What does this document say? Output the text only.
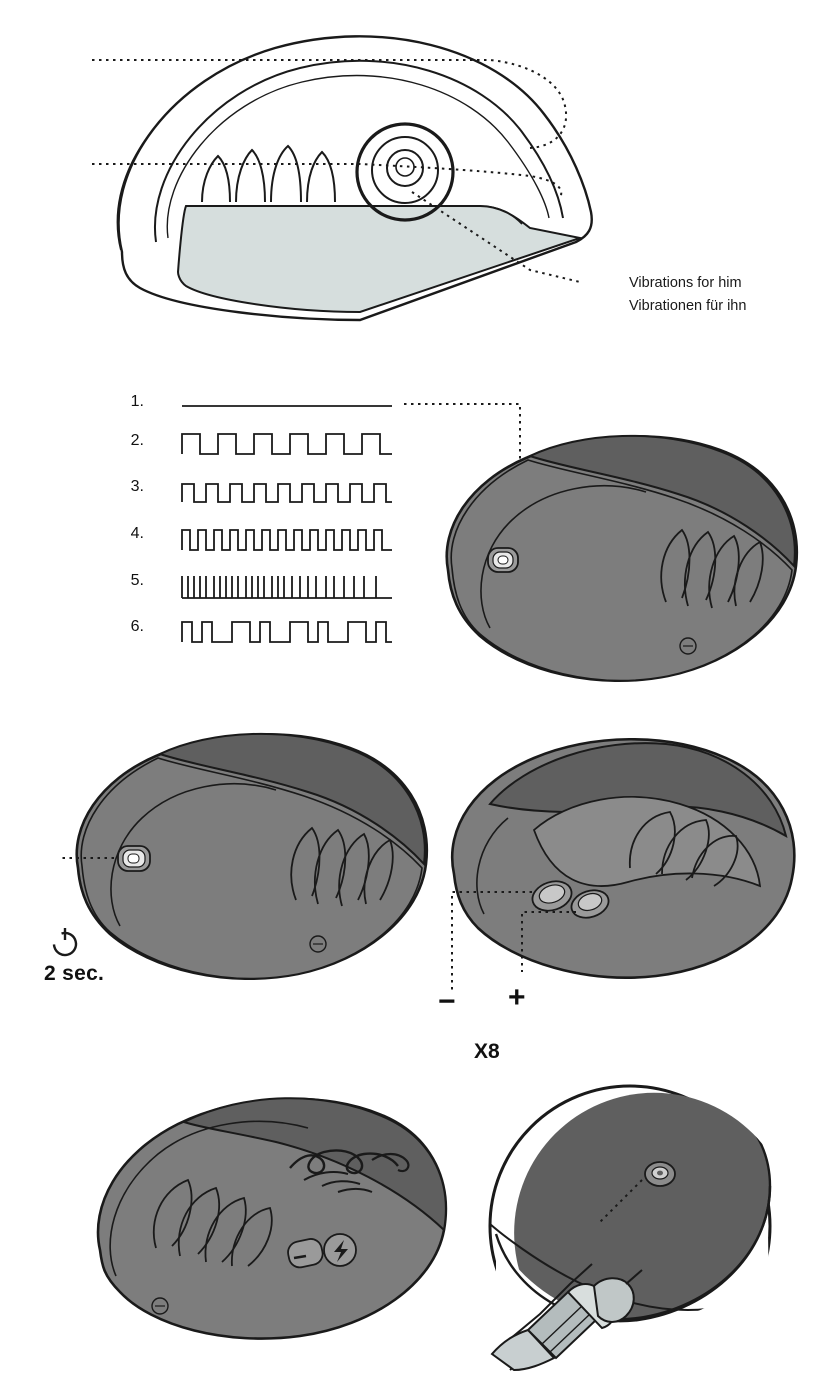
Vibrations for him
Vibrationen für ihn
1.
2.
3.
4.
5.
6.
2 sec.
− +
X8
